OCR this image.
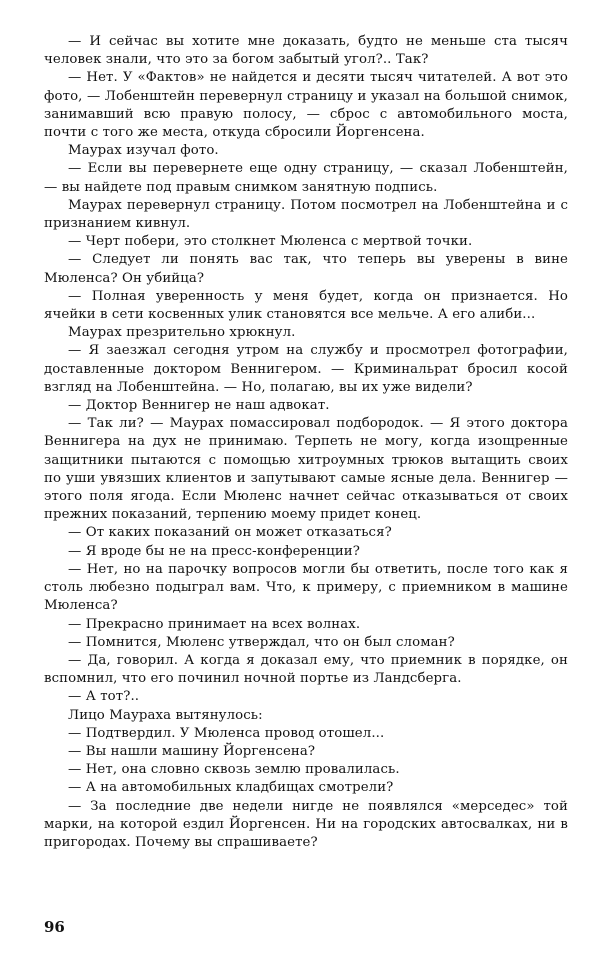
— И сейчас вы хотите мне доказать, будто не меньше ста тысяч человек знали, что это за богом забытый угол?.. Так?

— Нет. У «Фактов» не найдется и десяти тысяч читателей. А вот это фото, — Лобенштейн перевернул страницу и указал на большой снимок, занимавший всю правую полосу, — сброс с автомобильного моста, почти с того же места, откуда сбросили Йоргенсена.

Маурах изучал фото.

— Если вы перевернете еще одну страницу, — сказал Лобенштейн, — вы найдете под правым снимком занятную подпись.

Маурах перевернул страницу. Потом посмотрел на Лобенштейна и с признанием кивнул.

— Черт побери, это столкнет Мюленса с мертвой точки.

— Следует ли понять вас так, что теперь вы уверены в вине Мюленса? Он убийца?

— Полная уверенность у меня будет, когда он признается. Но ячейки в сети косвенных улик становятся все мельче. А его алиби...

Маурах презрительно хрюкнул.

— Я заезжал сегодня утром на службу и просмотрел фотографии, доставленные доктором Веннигером. — Криминальрат бросил косой взгляд на Лобенштейна. — Но, полагаю, вы их уже видели?

— Доктор Веннигер не наш адвокат.

— Так ли? — Маурах помассировал подбородок. — Я этого доктора Веннигера на дух не принимаю. Терпеть не могу, когда изощренные защитники пытаются с помощью хитроумных трюков вытащить своих по уши увязших клиентов и запутывают самые ясные дела. Веннигер — этого поля ягода. Если Мюленс начнет сейчас отказываться от своих прежних показаний, терпению моему придет конец.

— От каких показаний он может отказаться?

— Я вроде бы не на пресс-конференции?

— Нет, но на парочку вопросов могли бы ответить, после того как я столь любезно подыграл вам. Что, к примеру, с приемником в машине Мюленса?

— Прекрасно принимает на всех волнах.

— Помнится, Мюленс утверждал, что он был сломан?

— Да, говорил. А когда я доказал ему, что приемник в порядке, он вспомнил, что его починил ночной портье из Ландсберга.

— А тот?..

Лицо Мауpаха вытянулось:

— Подтвердил. У Мюленса провод отошел...

— Вы нашли машину Йоргенсена?

— Нет, она словно сквозь землю провалилась.

— А на автомобильных кладбищах смотрели?

— За последние две недели нигде не появлялся «мерседес» той марки, на которой ездил Йоргенсен. Ни на городских автосвалках, ни в пригородах. Почему вы спрашиваете?

96
